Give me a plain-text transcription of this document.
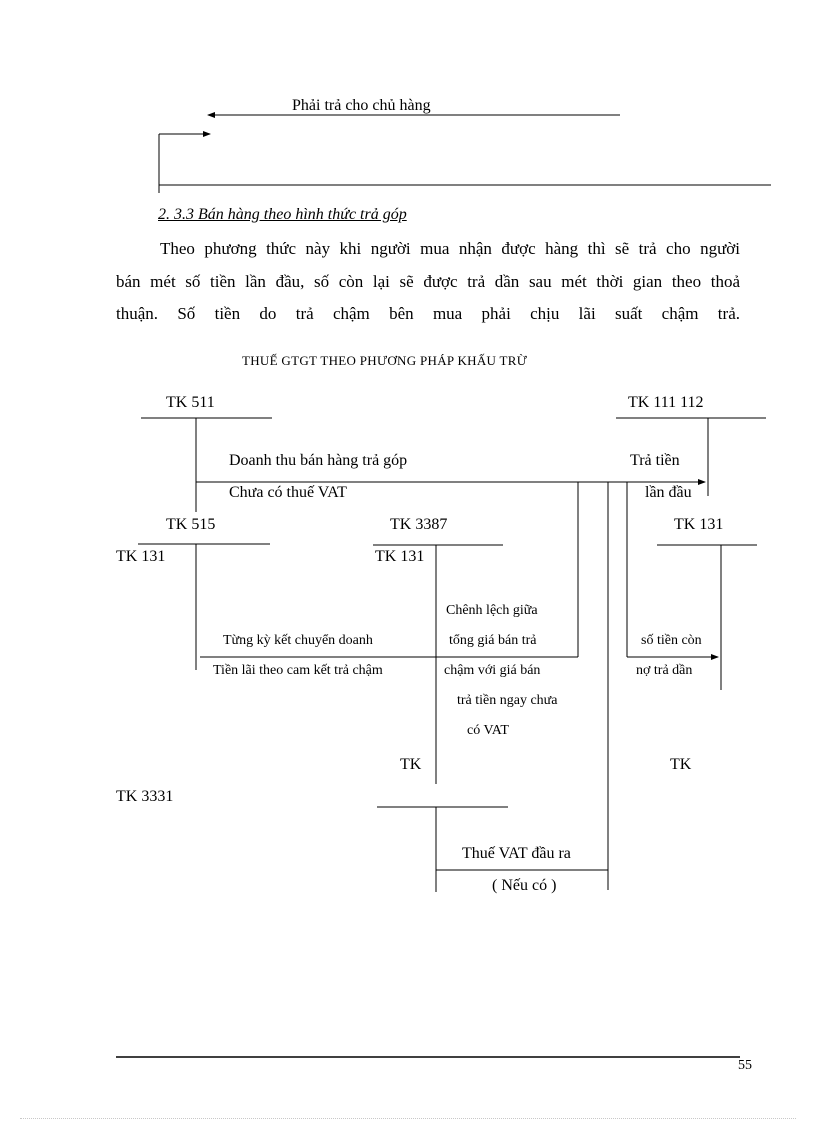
Phải trả cho chủ hàng
2. 3.3 Bán hàng theo hình thức trả góp
Theo phương thức này khi người mua nhận được hàng thì sẽ trả cho người
bán mét số tiền lần đầu, số còn lại sẽ được trả dần sau mét thời gian theo thoả
thuận. Số tiền do trả chậm bên mua phải chịu lãi suất chậm trả.
THUẾ GTGT THEO PHƯƠNG PHÁP KHẤU TRỪ
TK 511	TK 111 112
TK 515	TK 3387	TK 131
TK 131	TK 131
TK	TK
TK 3331
Doanh thu bán hàng trả góp
Chưa có thuế VAT
Trả tiền
lần đầu
Chênh lệch giữa
tổng giá bán trả
chậm với giá bán
trả tiền ngay chưa
có VAT
Từng kỳ kết chuyển doanh
Tiền lãi theo cam kết trả chậm
số tiền còn
nợ trả dần
Thuế VAT đầu ra
( Nếu có )
55
